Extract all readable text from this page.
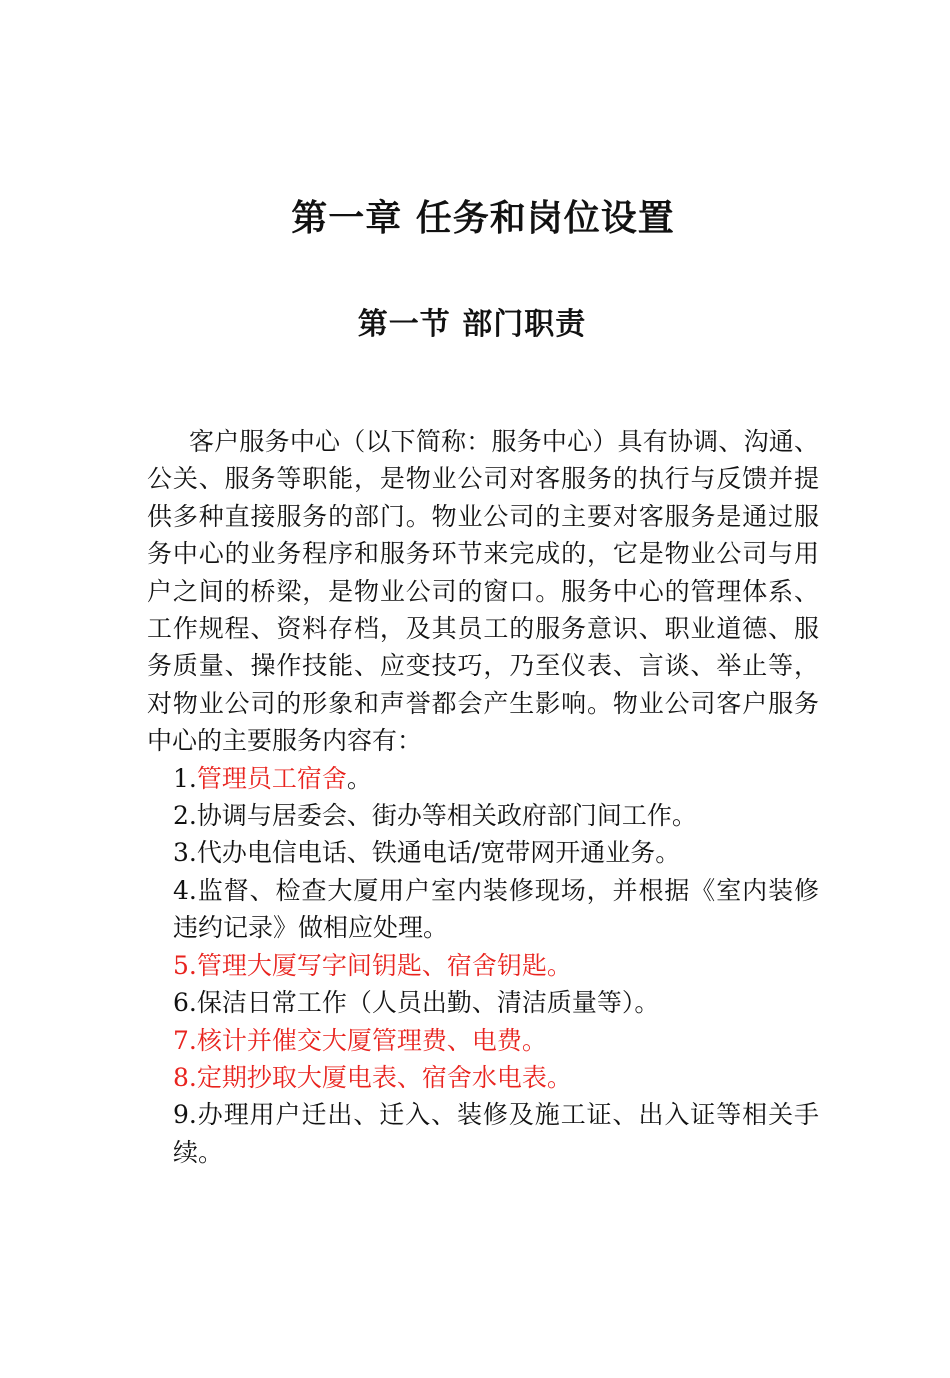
第一章 任务和岗位设置
第一节 部门职责

客户服务中心（以下简称：服务中心）具有协调、沟通、公关、服务等职能，是物业公司对客服务的执行与反馈并提供多种直接服务的部门。物业公司的主要对客服务是通过服务中心的业务程序和服务环节来完成的，它是物业公司与用户之间的桥梁，是物业公司的窗口。服务中心的管理体系、工作规程、资料存档，及其员工的服务意识、职业道德、服务质量、操作技能、应变技巧，乃至仪表、言谈、举止等，对物业公司的形象和声誉都会产生影响。物业公司客户服务中心的主要服务内容有：

1.管理员工宿舍。
2.协调与居委会、街办等相关政府部门间工作。
3.代办电信电话、铁通电话/宽带网开通业务。
4.监督、检查大厦用户室内装修现场，并根据《室内装修违约记录》做相应处理。
5.管理大厦写字间钥匙、宿舍钥匙。
6.保洁日常工作（人员出勤、清洁质量等）。
7.核计并催交大厦管理费、电费。
8.定期抄取大厦电表、宿舍水电表。
9.办理用户迁出、迁入、装修及施工证、出入证等相关手续。
